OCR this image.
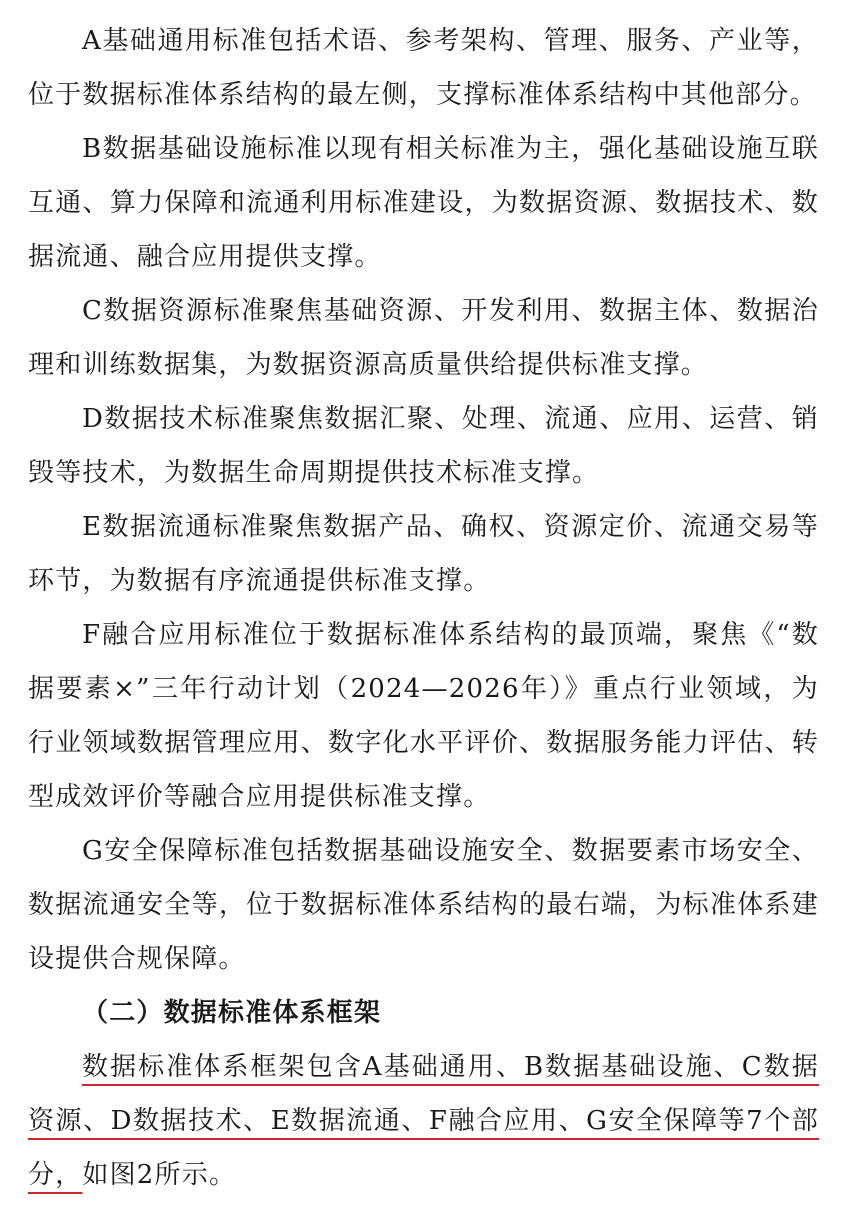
A基础通用标准包括术语、参考架构、管理、服务、产业等，位于数据标准体系结构的最左侧，支撑标准体系结构中其他部分。

B数据基础设施标准以现有相关标准为主，强化基础设施互联互通、算力保障和流通利用标准建设，为数据资源、数据技术、数据流通、融合应用提供支撑。

C数据资源标准聚焦基础资源、开发利用、数据主体、数据治理和训练数据集，为数据资源高质量供给提供标准支撑。

D数据技术标准聚焦数据汇聚、处理、流通、应用、运营、销毁等技术，为数据生命周期提供技术标准支撑。

E数据流通标准聚焦数据产品、确权、资源定价、流通交易等环节，为数据有序流通提供标准支撑。

F融合应用标准位于数据标准体系结构的最顶端，聚焦《“数据要素×”三年行动计划（2024—2026年）》重点行业领域，为行业领域数据管理应用、数字化水平评价、数据服务能力评估、转型成效评价等融合应用提供标准支撑。

G安全保障标准包括数据基础设施安全、数据要素市场安全、数据流通安全等，位于数据标准体系结构的最右端，为标准体系建设提供合规保障。

（二）数据标准体系框架

数据标准体系框架包含A基础通用、B数据基础设施、C数据资源、D数据技术、E数据流通、F融合应用、G安全保障等7个部分，如图2所示。
